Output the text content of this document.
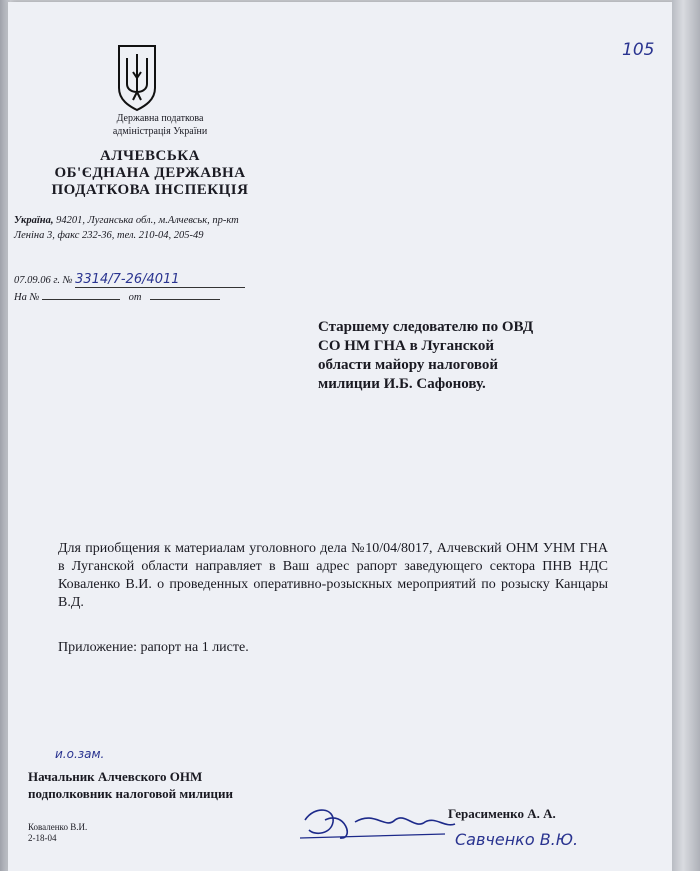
Державна податкова
адміністрація України
АЛЧЕВСЬКА
ОБ'ЄДНАНА ДЕРЖАВНА
ПОДАТКОВА ІНСПЕКЦІЯ
Україна, 94201, Луганська обл., м.Алчевськ, пр-кт
Леніна 3, факс 232-36, тел. 210-04, 205-49
07.09.06 г. № 3314/7-26/4011
На №	от
105
Старшему следователю по ОВД
СО НМ ГНА в Луганской
области майору налоговой
милиции И.Б. Сафонову.

Для приобщения к материалам уголовного дела №10/04/8017, Алчевский ОНМ УНМ ГНА в Луганской области направляет в Ваш адрес рапорт заведующего сектора ПНВ НДС Коваленко В.И. о проведенных оперативно-розыскных мероприятий по розыску Канцары В.Д.

Приложение: рапорт на 1 листе.
и.о.зам.
Начальник Алчевского ОНМ
подполковник налоговой милиции
Герасименко А. А.
Савченко В.Ю.
Коваленко В.И.
2-18-04
